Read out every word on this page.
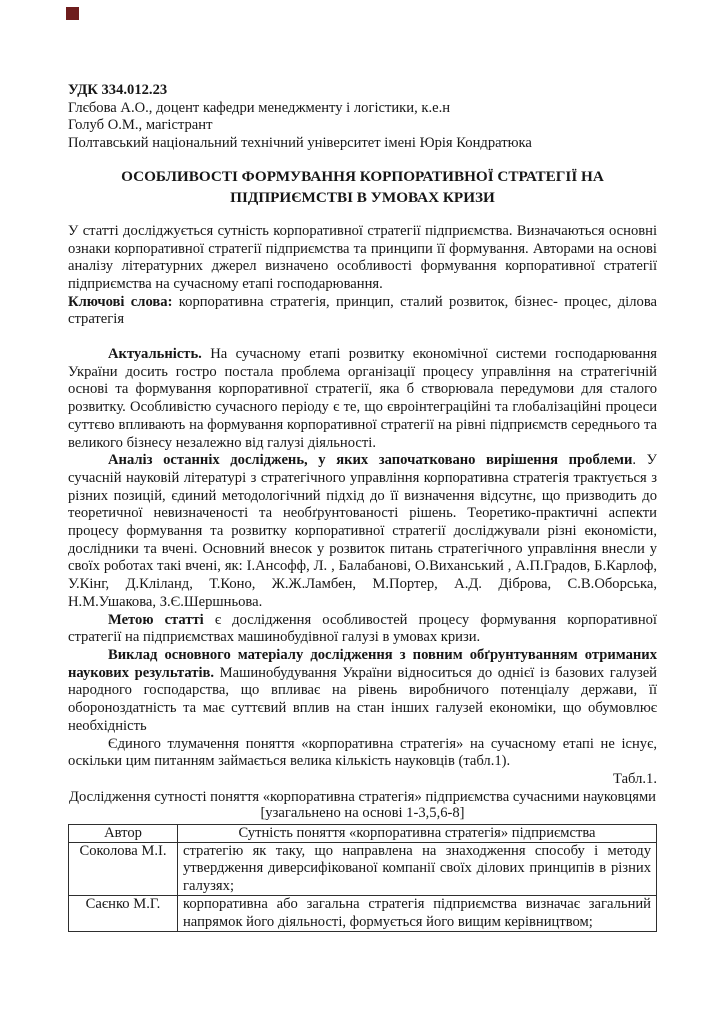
УДК 334.012.23

Глєбова А.О., доцент кафедри менеджменту і логістики, к.е.н

Голуб О.М., магістрант

Полтавський національний технічний університет імені Юрія Кондратюка

ОСОБЛИВОСТІ ФОРМУВАННЯ КОРПОРАТИВНОЇ СТРАТЕГІЇ НА ПІДПРИЄМСТВІ В УМОВАХ КРИЗИ

У статті досліджується сутність корпоративної стратегії підприємства. Визначаються основні ознаки корпоративної стратегії підприємства та принципи її формування. Авторами на основі аналізу літературних джерел визначено особливості формування корпоративної стратегії підприємства на сучасному етапі господарювання.

Ключові слова: корпоративна стратегія, принцип, сталий розвиток, бізнес- процес, ділова стратегія

Актуальність. На сучасному етапі розвитку економічної системи господарювання України досить гостро постала проблема організації процесу управління на стратегічній основі та формування корпоративної стратегії, яка б створювала передумови для сталого розвитку. Особливістю сучасного періоду є те, що євроінтеграційні та глобалізаційні процеси суттєво впливають на формування корпоративної стратегії на рівні підприємств середнього та великого бізнесу незалежно від галузі діяльності.

Аналіз останніх досліджень, у яких започатковано вирішення проблеми. У сучасній науковій літературі з стратегічного управління корпоративна стратегія трактується з різних позицій, єдиний методологічний підхід до її визначення відсутнє, що призводить до теоретичної невизначеності та необґрунтованості рішень. Теоретико-практичні аспекти процесу формування та розвитку корпоративної стратегії досліджували різні економісти, дослідники та вчені. Основний внесок у розвиток питань стратегічного управління внесли у своїх роботах такі вчені, як: І.Ансофф, Л. , Балабанові, О.Виханський , А.П.Градов, Б.Карлоф, У.Кінг, Д.Кліланд, Т.Коно, Ж.Ж.Ламбен, М.Портер, А.Д. Діброва, С.В.Оборська, Н.М.Ушакова, З.Є.Шершньова.

Метою статті є дослідження особливостей процесу формування корпоративної стратегії на підприємствах машинобудівної галузі в умовах кризи.

Виклад основного матеріалу дослідження з повним обґрунтуванням отриманих наукових результатів. Машинобудування України відноситься до однієї із базових галузей народного господарства, що впливає на рівень виробничого потенціалу держави, її обороноздатність та має суттєвий вплив на стан інших галузей економіки, що обумовлює необхідність

Єдиного тлумачення поняття «корпоративна стратегія» на сучасному етапі не існує, оскільки цим питанням займається велика кількість науковців (табл.1).

Табл.1.

Дослідження сутності поняття «корпоративна стратегія» підприємства сучасними науковцями [узагальнено на основі 1-3,5,6-8]

Автор	Сутність поняття «корпоративна стратегія» підприємства
Соколова М.І.	стратегію як таку, що направлена на знаходження способу і методу утвердження диверсифікованої компанії своїх ділових принципів в різних галузях;
Саєнко М.Г.	корпоративна або загальна стратегія підприємства визначає загальний напрямок його діяльності, формується його вищим керівництвом;
